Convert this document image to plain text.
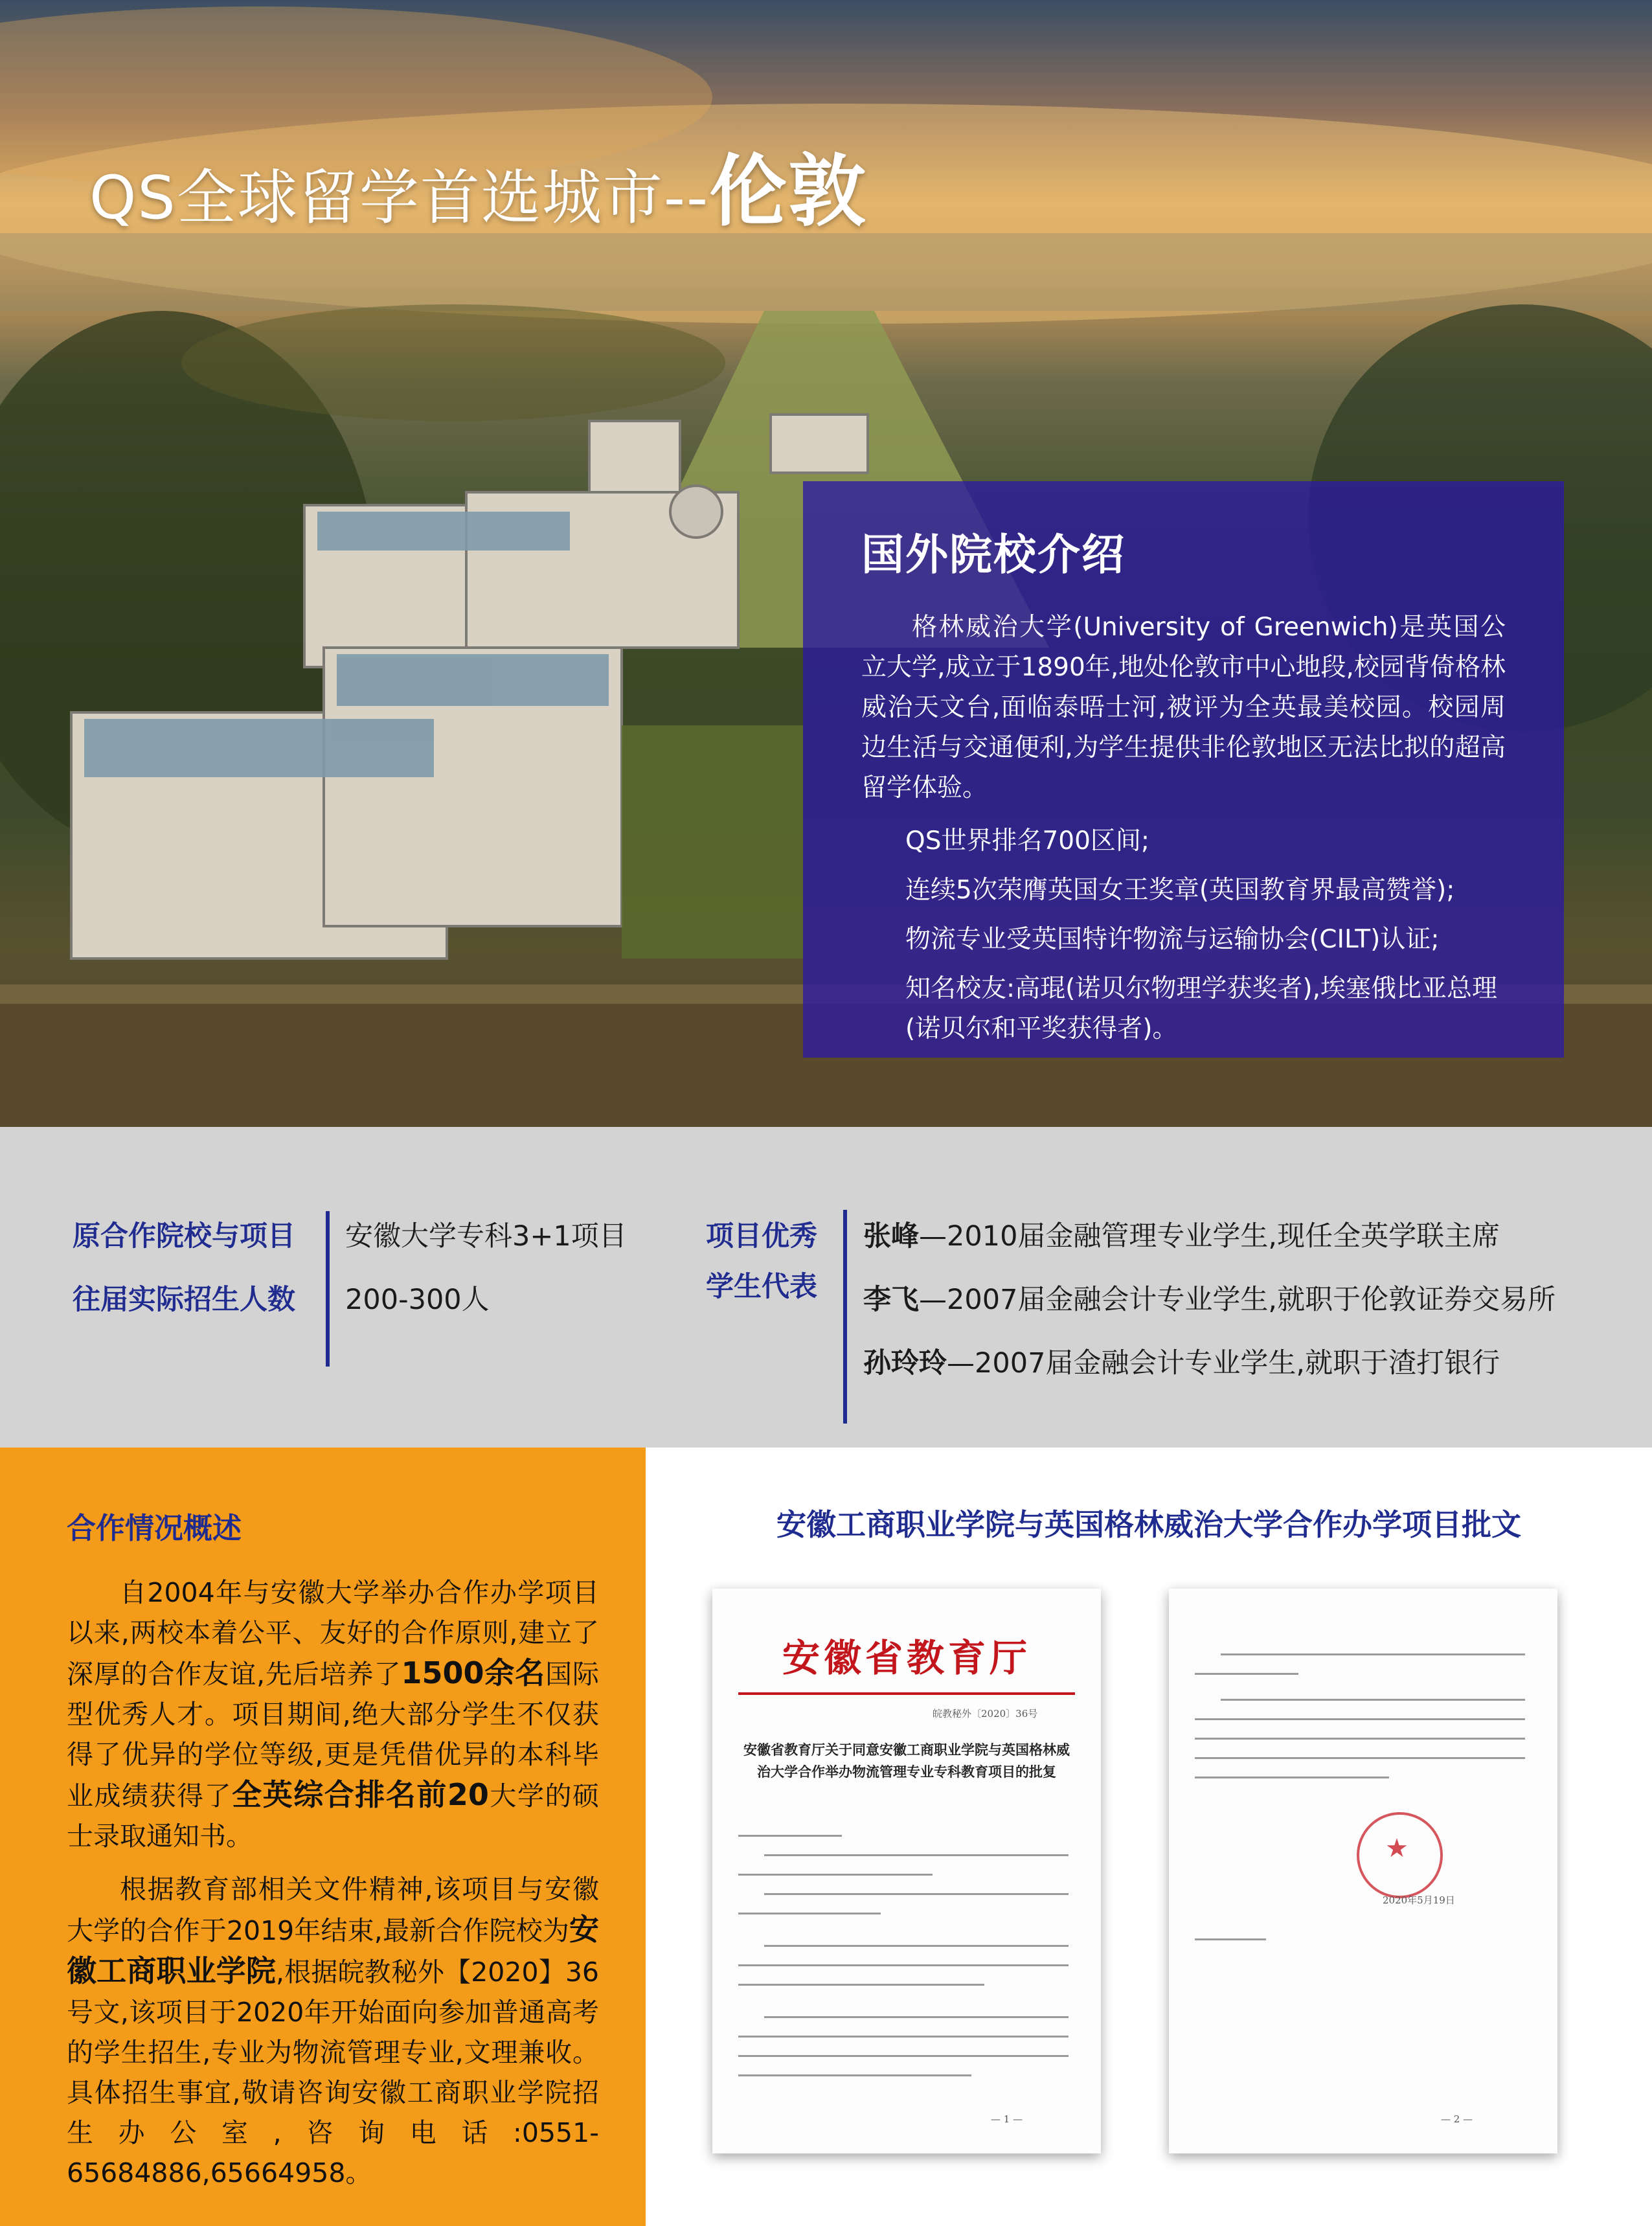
QS全球留学首选城市--伦敦
国外院校介绍

格林威治大学(University of Greenwich)是英国公立大学,成立于1890年,地处伦敦市中心地段,校园背倚格林威治天文台,面临泰晤士河,被评为全英最美校园。校园周边生活与交通便利,为学生提供非伦敦地区无法比拟的超高留学体验。

QS世界排名700区间;
连续5次荣膺英国女王奖章(英国教育界最高赞誉);
物流专业受英国特许物流与运输协会(CILT)认证;
知名校友:高琨(诺贝尔物理学获奖者),埃塞俄比亚总理(诺贝尔和平奖获得者)。
原合作院校与项目
往届实际招生人数
安徽大学专科3+1项目
200-300人
项目优秀
学生代表
张峰—2010届金融管理专业学生,现任全英学联主席
李飞—2007届金融会计专业学生,就职于伦敦证券交易所
孙玲玲—2007届金融会计专业学生,就职于渣打银行
合作情况概述

自2004年与安徽大学举办合作办学项目以来,两校本着公平、友好的合作原则,建立了深厚的合作友谊,先后培养了1500余名国际型优秀人才。项目期间,绝大部分学生不仅获得了优异的学位等级,更是凭借优异的本科毕业成绩获得了全英综合排名前20大学的硕士录取通知书。

根据教育部相关文件精神,该项目与安徽大学的合作于2019年结束,最新合作院校为安徽工商职业学院,根据皖教秘外【2020】36号文,该项目于2020年开始面向参加普通高考的学生招生,专业为物流管理专业,文理兼收。具体招生事宜,敬请咨询安徽工商职业学院招生办公室,咨询电话:0551-65684886,65664958。

安徽工商职业学院与英国格林威治大学合作办学项目批文
安徽省教育厅
皖教秘外〔2020〕36号
安徽省教育厅关于同意安徽工商职业学院与英国格林威治大学合作举办物流管理专业专科教育项目的批复
— 1 —
★
2020年5月19日
— 2 —
